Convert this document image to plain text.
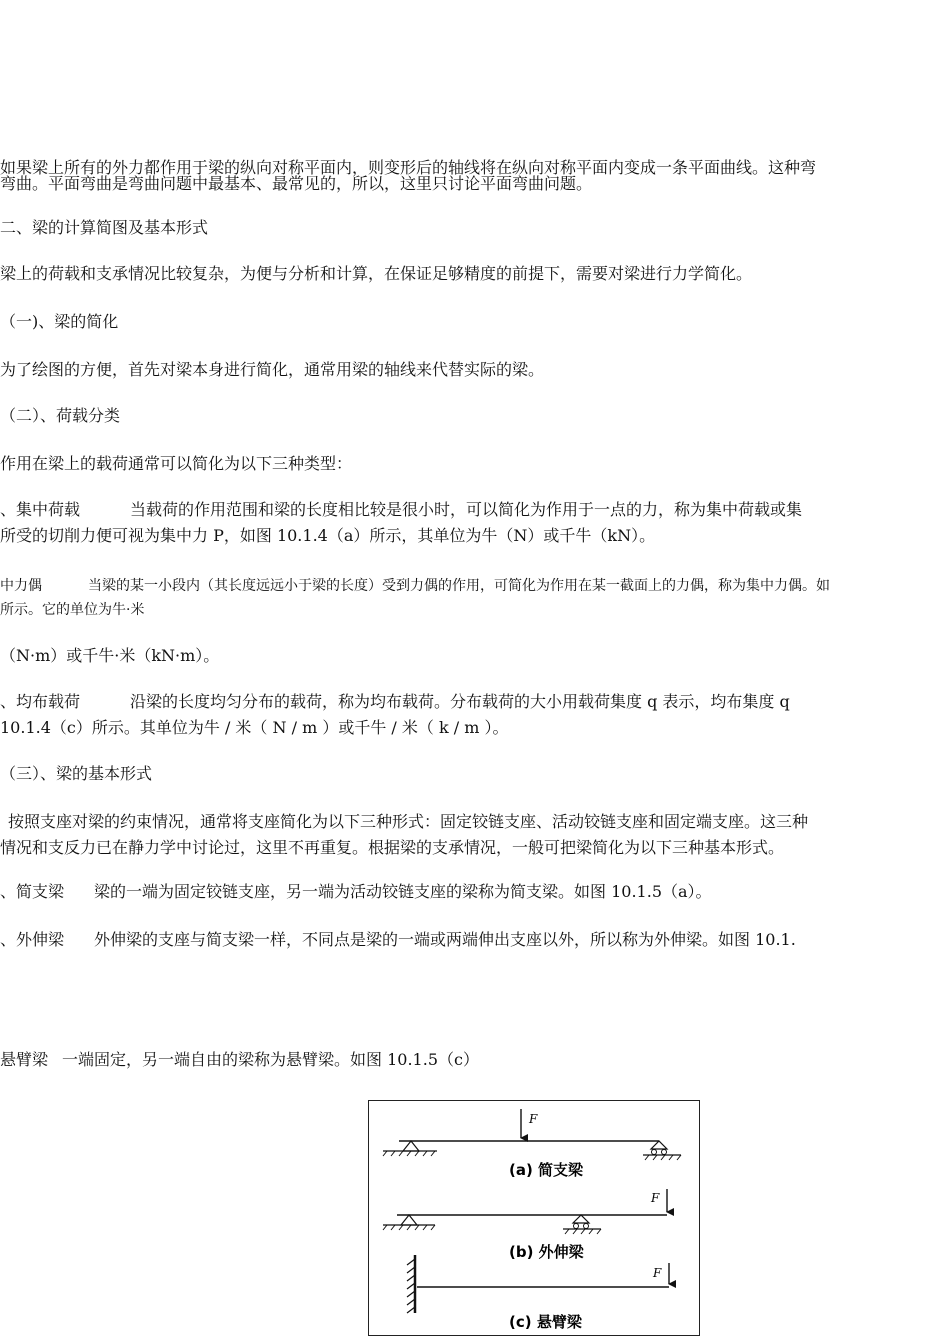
如果梁上所有的外力都作用于梁的纵向对称平面内，则变形后的轴线将在纵向对称平面内变成一条平面曲线。这种弯

弯曲。平面弯曲是弯曲问题中最基本、最常见的，所以，这里只讨论平面弯曲问题。

二、梁的计算简图及基本形式

梁上的荷载和支承情况比较复杂，为便与分析和计算，在保证足够精度的前提下，需要对梁进行力学简化。

（一)、梁的简化

为了绘图的方便，首先对梁本身进行简化，通常用梁的轴线来代替实际的梁。

（二）、荷载分类

作用在梁上的载荷通常可以简化为以下三种类型：

、集中荷载	当载荷的作用范围和梁的长度相比较是很小时，可以简化为作用于一点的力，称为集中荷载或集

所受的切削力便可视为集中力 P，如图 10.1.4（a）所示，其单位为牛（N）或千牛（kN）。

中力偶	当梁的某一小段内（其长度远远小于梁的长度）受到力偶的作用，可简化为作用在某一截面上的力偶，称为集中力偶。如

所示。它的单位为牛·米

（N·m）或千牛·米（kN·m）。

、均布载荷	沿梁的长度均匀分布的载荷，称为均布载荷。分布载荷的大小用载荷集度 q 表示，均布集度 q

10.1.4（c）所示。其单位为牛 / 米（ N / m ）或千牛 / 米（ k / m ）。

（三）、梁的基本形式

按照支座对梁的约束情况，通常将支座简化为以下三种形式：固定铰链支座、活动铰链支座和固定端支座。这三种

情况和支反力已在静力学中讨论过，这里不再重复。根据梁的支承情况，一般可把梁简化为以下三种基本形式。

、简支梁 梁的一端为固定铰链支座，另一端为活动铰链支座的梁称为简支梁。如图 10.1.5（a）。

、外伸梁 外伸梁的支座与简支梁一样，不同点是梁的一端或两端伸出支座以外，所以称为外伸梁。如图 10.1.

悬臂梁 一端固定，另一端自由的梁称为悬臂梁。如图 10.1.5（c）

F
(a) 简支梁
F
(b) 外伸梁
F
(c) 悬臂梁
